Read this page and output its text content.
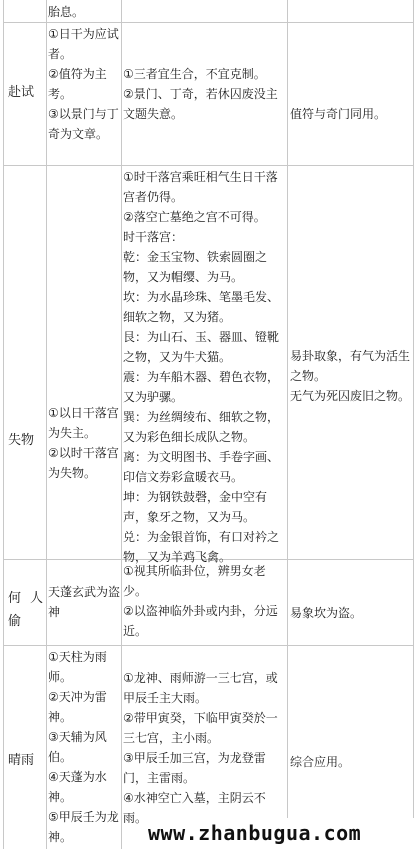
胎息。

赴试

①日干为应试者。

②值符为主考。

③以景门与丁奇为文章。

①三者宜生合，不宜克制。

②景门、丁奇，若休囚废没主文题失意。	值符与奇门同用。

失物

①以日干落宫为失主。

②以时干落宫为失物。

①时干落宫乘旺相气生日干落宫者仍得。

②落空亡墓绝之宫不可得。

时干落宫：

乾：金玉宝物、铁索圆圈之物，又为帽缨、为马。

坎：为水晶珍珠、笔墨毛发、细软之物，又为猪。

艮：为山石、玉、器皿、镫靴之物，又为牛犬猫。

震：为车船木器、碧色衣物，又为驴骡。

巽：为丝绸绫布、细软之物，又为彩色细长成队之物。

离：为文明图书、手卷字画、印信文券彩盒暖衣马。

坤：为钢铁鼓磬，金中空有声，象牙之物，又为马。

兑：为金银首饰，有口对衿之物，又为羊鸡飞禽。

易卦取象，有气为活生之物。

无气为死囚废旧之物。

何 人
偷

天蓬玄武为盗神

①视其所临卦位，辨男女老少。

②以盗神临外卦或内卦，分远近。

易象坎为盗。

晴雨

①天柱为雨师。

②天冲为雷神。

③天辅为风伯。

④天蓬为水神。

⑤甲辰壬为龙神。

①龙神、雨师游一三七宫，或甲辰壬主大雨。

②带甲寅癸，下临甲寅癸於一三七宫，主小雨。

③甲辰壬加三宫，为龙登雷门，主雷雨。

④水神空亡入墓，主阴云不雨。

综合应用。

www.zhanbugua.com
